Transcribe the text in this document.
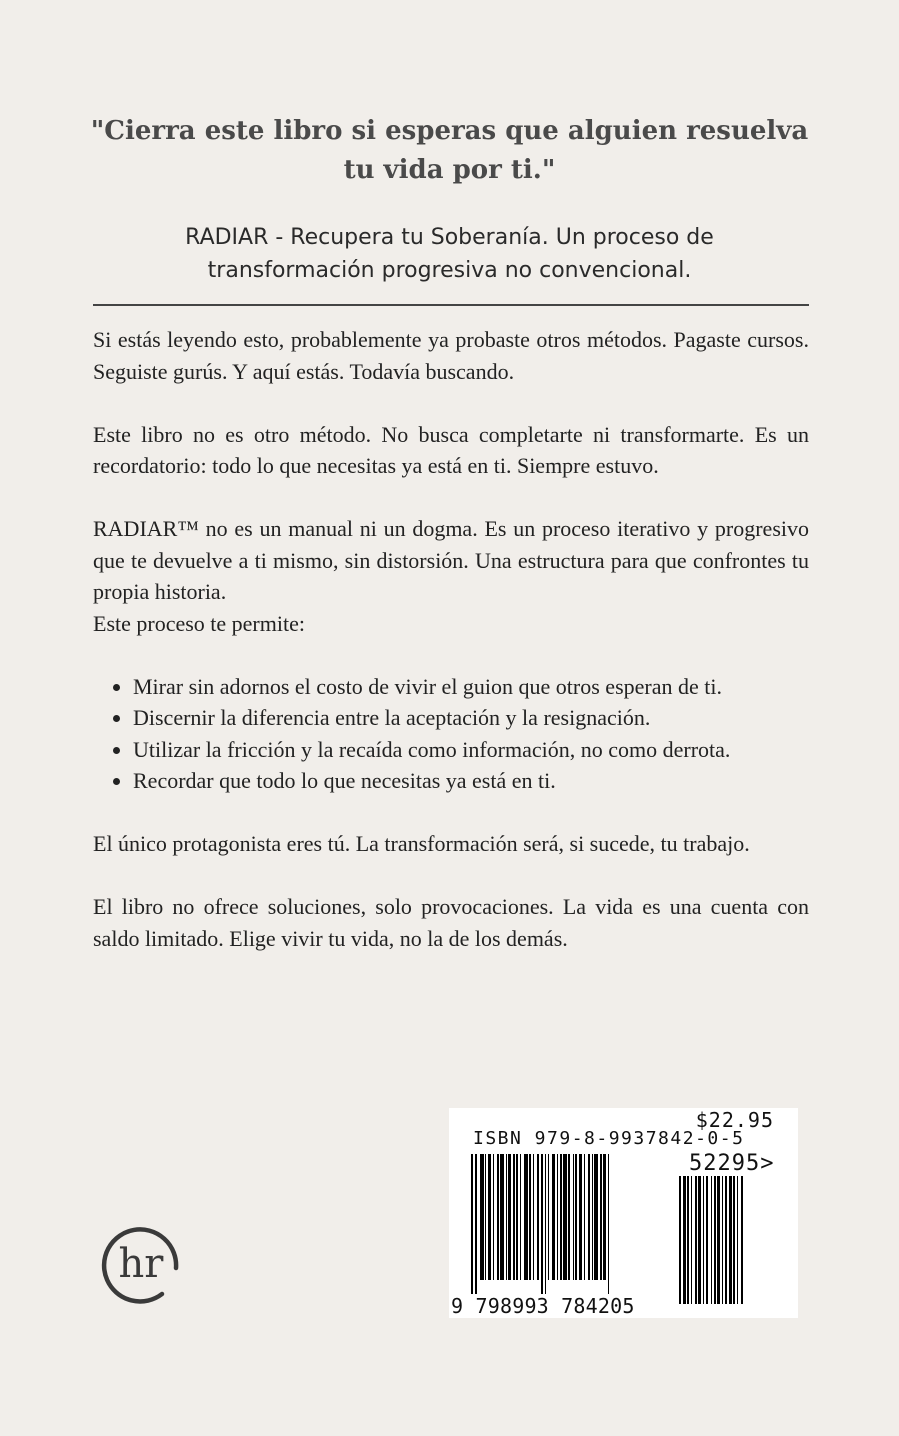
"Cierra este libro si esperas que alguien resuelva
tu vida por ti."
RADIAR - Recupera tu Soberanía. Un proceso de
transformación progresiva no convencional.

Si estás leyendo esto, probablemente ya probaste otros métodos. Pagaste cursos. Seguiste gurús. Y aquí estás. Todavía buscando.

Este libro no es otro método. No busca completarte ni transformarte. Es un recordatorio: todo lo que necesitas ya está en ti. Siempre estuvo.

RADIAR™ no es un manual ni un dogma. Es un proceso iterativo y progresivo que te devuelve a ti mismo, sin distorsión. Una estructura para que confrontes tu propia historia.

Este proceso te permite:

• Mirar sin adornos el costo de vivir el guion que otros esperan de ti.
• Discernir la diferencia entre la aceptación y la resignación.
• Utilizar la fricción y la recaída como información, no como derrota.
• Recordar que todo lo que necesitas ya está en ti.

El único protagonista eres tú. La transformación será, si sucede, tu trabajo.

El libro no ofrece soluciones, solo provocaciones. La vida es una cuenta con saldo limitado. Elige vivir tu vida, no la de los demás.

hr
$22.95
ISBN 979-8-9937842-0-5
52295>
9 798993 784205
